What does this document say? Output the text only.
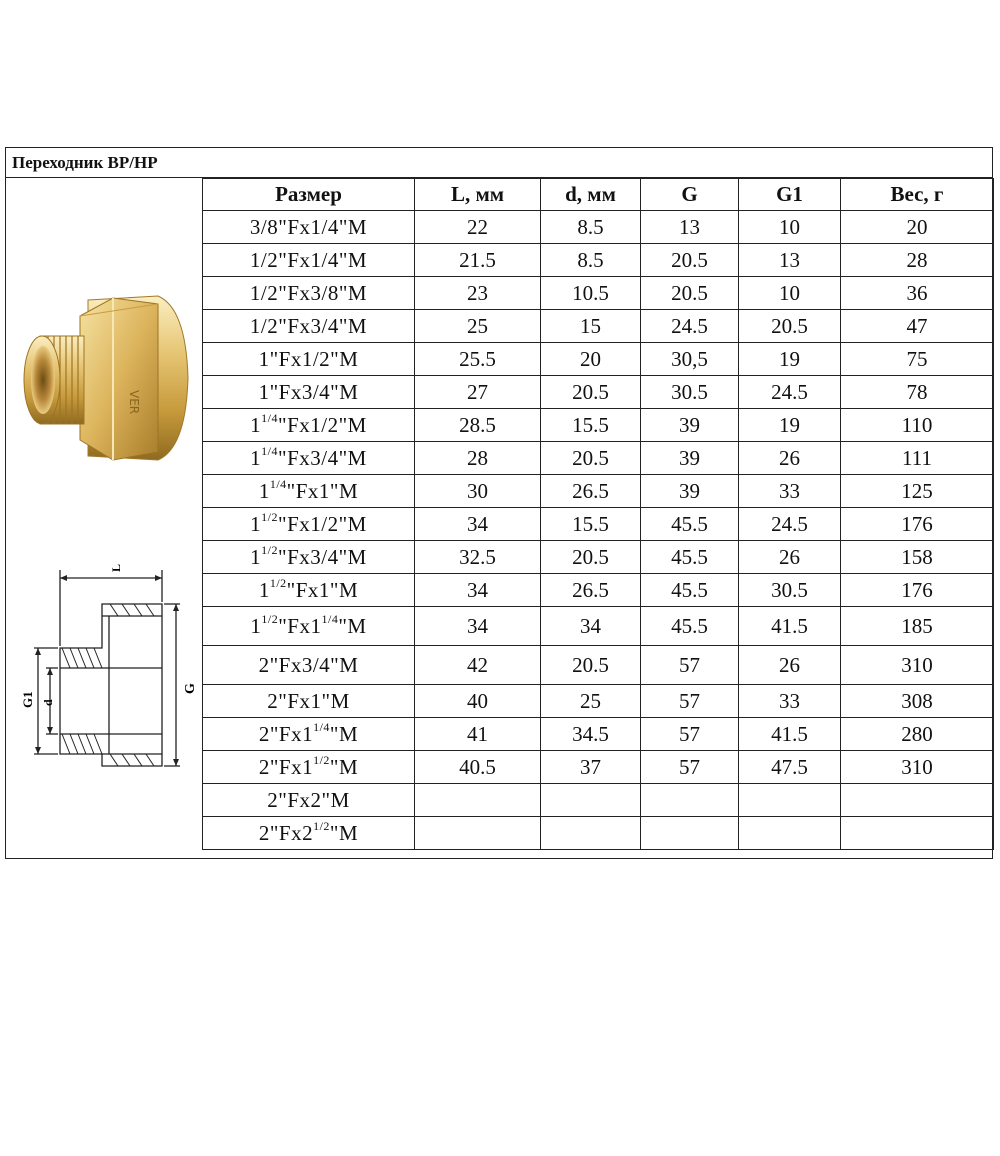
Переходник ВР/НР
VER
L
G
G1 d
Размер	L, мм	d, мм	G	G1	Вес, г
3/8"Fx1/4"M	22	8.5	13	10	20
1/2"Fx1/4"M	21.5	8.5	20.5	13	28
1/2"Fx3/8"M	23	10.5	20.5	10	36
1/2"Fx3/4"M	25	15	24.5	20.5	47
1"Fx1/2"M	25.5	20	30,5	19	75
1"Fx3/4"M	27	20.5	30.5	24.5	78
$1^{1/4}"Fx1/2"M$	28.5	15.5	39	19	110
$1^{1/4}"Fx3/4"M$	28	20.5	39	26	111
$1^{1/4}"Fx1"M$	30	26.5	39	33	125
$1^{1/2}"Fx1/2"M$	34	15.5	45.5	24.5	176
$1^{1/2}"Fx3/4"M$	32.5	20.5	45.5	26	158
$1^{1/2}"Fx1"M$	34	26.5	45.5	30.5	176
$1^{1/2}"Fx1^{1/4}"M$	34	34	45.5	41.5	185
2"Fx3/4"M	42	20.5	57	26	310
2"Fx1"M	40	25	57	33	308
$2"Fx1^{1/4}"M$	41	34.5	57	41.5	280
$2"Fx1^{1/2}"M$	40.5	37	57	47.5	310
2"Fx2"M					
$2"Fx2^{1/2}"M$					
